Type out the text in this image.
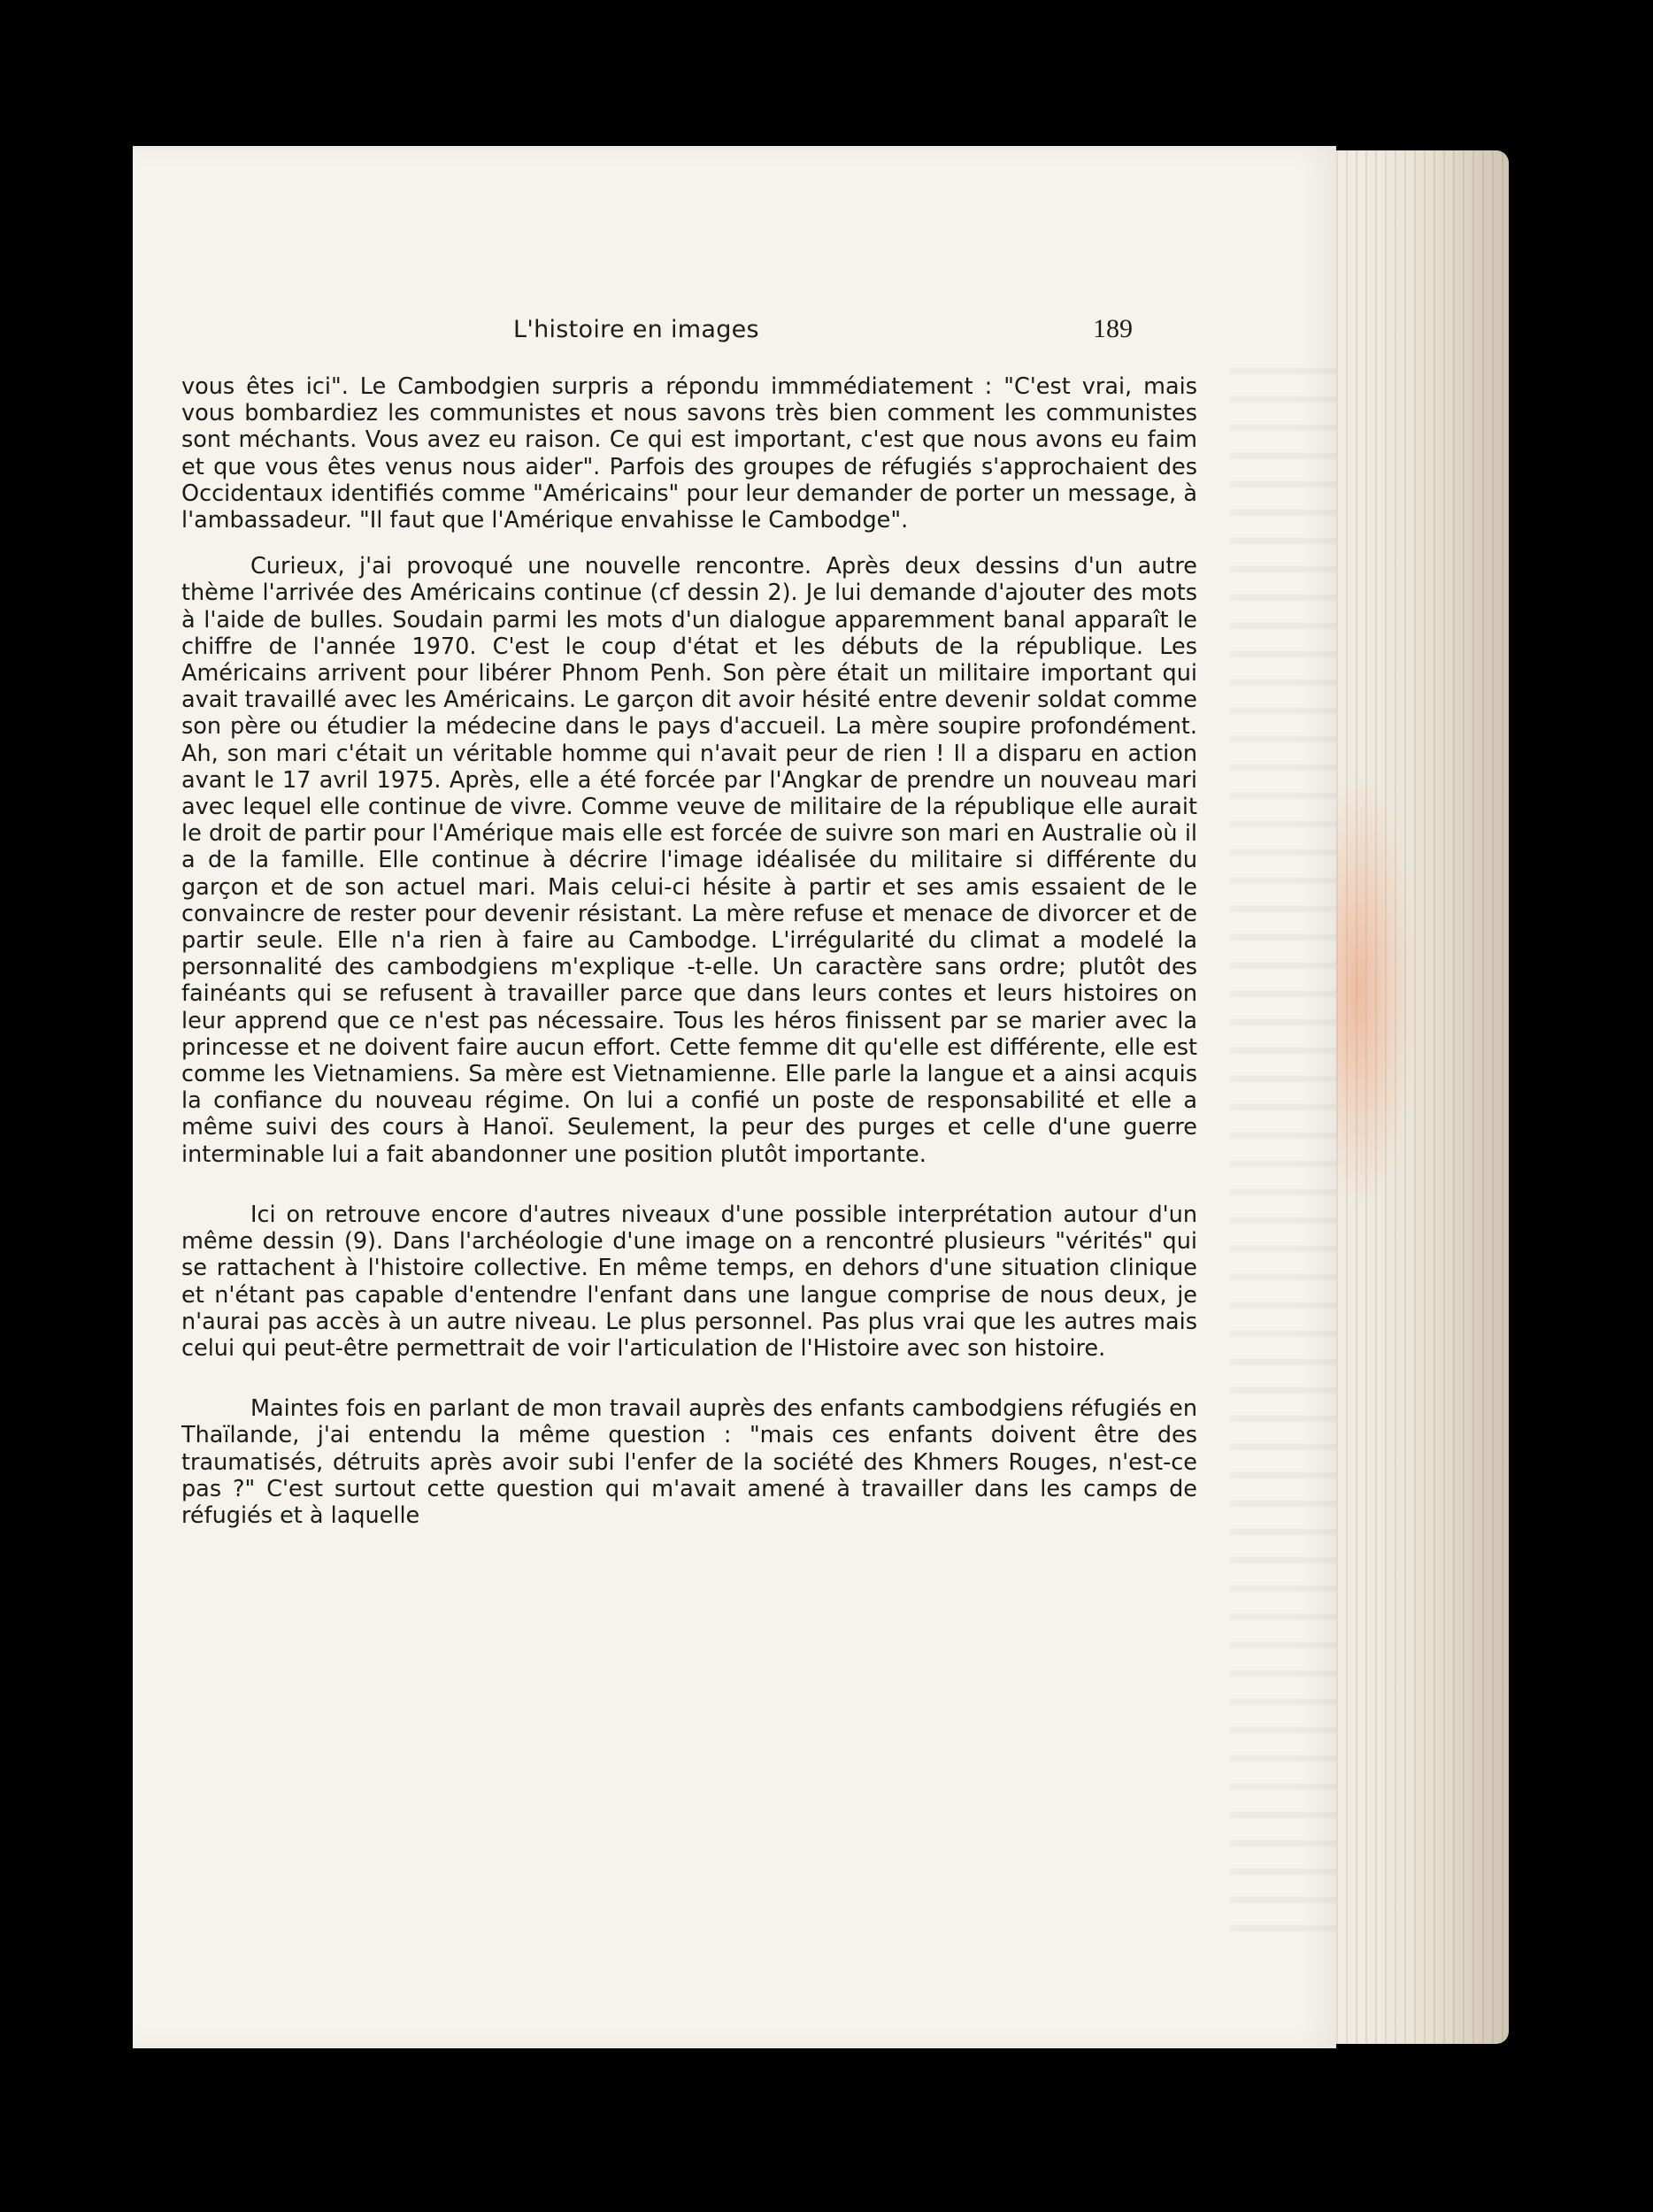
L'histoire en images	189

vous êtes ici". Le Cambodgien surpris a répondu immmédiatement : "C'est vrai, mais vous bombardiez les communistes et nous savons très bien comment les communistes sont méchants. Vous avez eu raison. Ce qui est important, c'est que nous avons eu faim et que vous êtes venus nous aider". Parfois des groupes de réfugiés s'approchaient des Occidentaux identifiés comme "Américains" pour leur demander de porter un message, à l'ambassadeur. "Il faut que l'Amérique envahisse le Cambodge".

Curieux, j'ai provoqué une nouvelle rencontre. Après deux dessins d'un autre thème l'arrivée des Américains continue (cf dessin 2). Je lui demande d'ajouter des mots à l'aide de bulles. Soudain parmi les mots d'un dialogue apparemment banal apparaît le chiffre de l'année 1970. C'est le coup d'état et les débuts de la république. Les Américains arrivent pour libérer Phnom Penh. Son père était un militaire important qui avait travaillé avec les Américains. Le garçon dit avoir hésité entre devenir soldat comme son père ou étudier la médecine dans le pays d'accueil. La mère soupire profondément. Ah, son mari c'était un véritable homme qui n'avait peur de rien ! Il a disparu en action avant le 17 avril 1975. Après, elle a été forcée par l'Angkar de prendre un nouveau mari avec lequel elle continue de vivre. Comme veuve de militaire de la république elle aurait le droit de partir pour l'Amérique mais elle est forcée de suivre son mari en Australie où il a de la famille. Elle continue à décrire l'image idéalisée du militaire si différente du garçon et de son actuel mari. Mais celui-ci hésite à partir et ses amis essaient de le convaincre de rester pour devenir résistant. La mère refuse et menace de divorcer et de partir seule. Elle n'a rien à faire au Cambodge. L'irrégularité du climat a modelé la personnalité des cambodgiens m'explique -t-elle. Un caractère sans ordre; plutôt des fainéants qui se refusent à travailler parce que dans leurs contes et leurs histoires on leur apprend que ce n'est pas nécessaire. Tous les héros finissent par se marier avec la princesse et ne doivent faire aucun effort. Cette femme dit qu'elle est différente, elle est comme les Vietnamiens. Sa mère est Vietnamienne. Elle parle la langue et a ainsi acquis la confiance du nouveau régime. On lui a confié un poste de responsabilité et elle a même suivi des cours à Hanoï. Seulement, la peur des purges et celle d'une guerre interminable lui a fait abandonner une position plutôt importante.

Ici on retrouve encore d'autres niveaux d'une possible interprétation autour d'un même dessin (9). Dans l'archéologie d'une image on a rencontré plusieurs "vérités" qui se rattachent à l'histoire collective. En même temps, en dehors d'une situation clinique et n'étant pas capable d'entendre l'enfant dans une langue comprise de nous deux, je n'aurai pas accès à un autre niveau. Le plus personnel. Pas plus vrai que les autres mais celui qui peut-être permettrait de voir l'articulation de l'Histoire avec son histoire.

Maintes fois en parlant de mon travail auprès des enfants cambodgiens réfugiés en Thaïlande, j'ai entendu la même question : "mais ces enfants doivent être des traumatisés, détruits après avoir subi l'enfer de la société des Khmers Rouges, n'est-ce pas ?" C'est surtout cette question qui m'avait amené à travailler dans les camps de réfugiés et à laquelle
